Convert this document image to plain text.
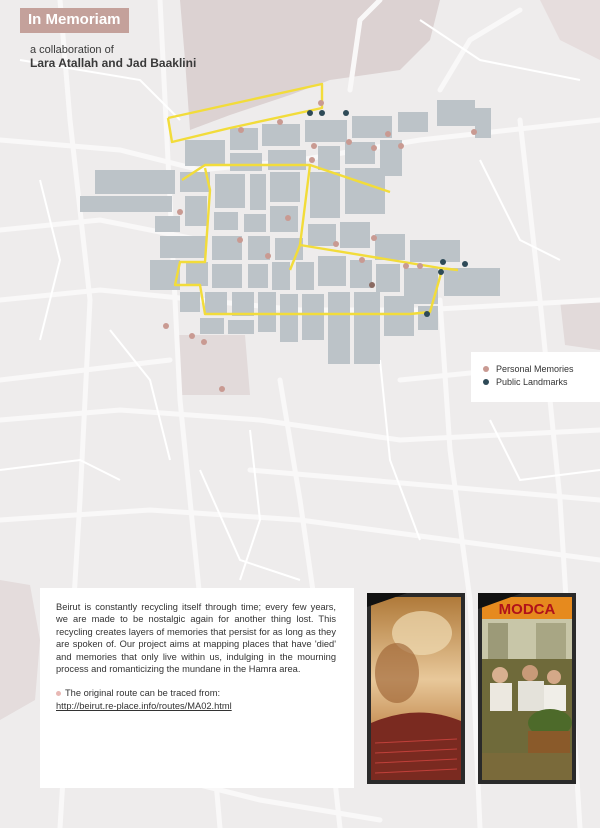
In Memoriam
a collaboration of
Lara Atallah and Jad Baaklini
Personal Memories
Public Landmarks

Beirut is constantly recycling itself through time; every few years, we are made to be nostalgic again for another thing lost. This recycling creates layers of memories that persist for as long as they are spoken of. Our project aims at mapping places that have 'died' and memories that only live within us, indulging in the mourning process and romanticizing the mundane in the Hamra area.

The original route can be traced from:
http://beirut.re-place.info/routes/MA02.html
MODCA
